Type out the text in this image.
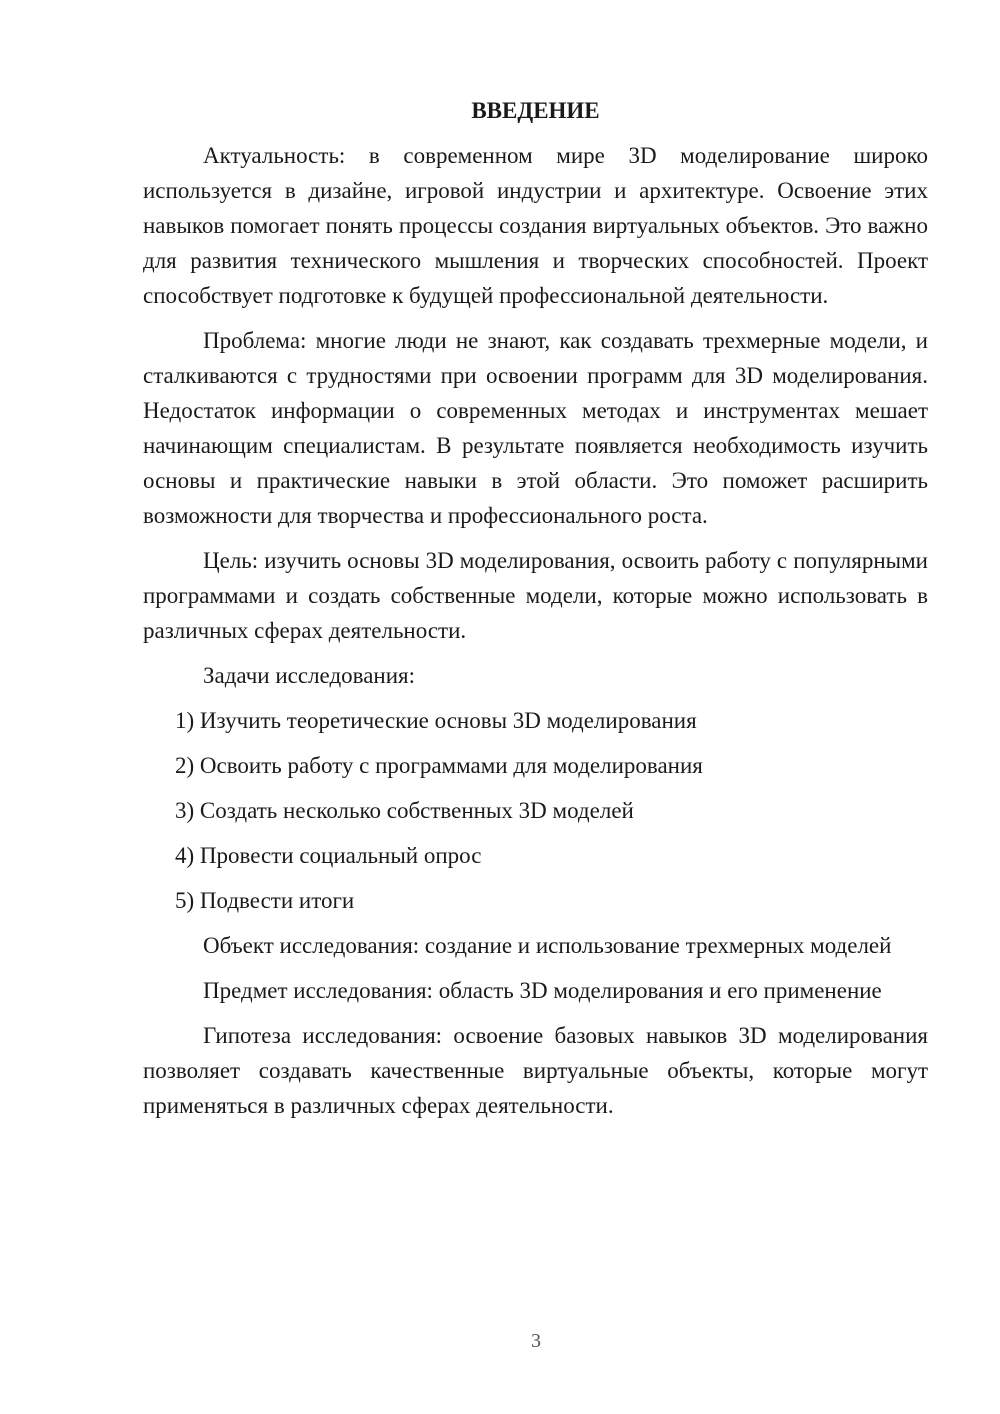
ВВЕДЕНИЕ

Актуальность: в современном мире 3D моделирование широко используется в дизайне, игровой индустрии и архитектуре. Освоение этих навыков помогает понять процессы создания виртуальных объектов. Это важно для развития технического мышления и творческих способностей. Проект способствует подготовке к будущей профессиональной деятельности.

Проблема: многие люди не знают, как создавать трехмерные модели, и сталкиваются с трудностями при освоении программ для 3D моделирования. Недостаток информации о современных методах и инструментах мешает начинающим специалистам. В результате появляется необходимость изучить основы и практические навыки в этой области. Это поможет расширить возможности для творчества и профессионального роста.

Цель: изучить основы 3D моделирования, освоить работу с популярными программами и создать собственные модели, которые можно использовать в различных сферах деятельности.

Задачи исследования:

1) Изучить теоретические основы 3D моделирования
2) Освоить работу с программами для моделирования
3) Создать несколько собственных 3D моделей
4) Провести социальный опрос
5) Подвести итоги

Объект исследования: создание и использование трехмерных моделей

Предмет исследования: область 3D моделирования и его применение

Гипотеза исследования: освоение базовых навыков 3D моделирования позволяет создавать качественные виртуальные объекты, которые могут применяться в различных сферах деятельности.

3
